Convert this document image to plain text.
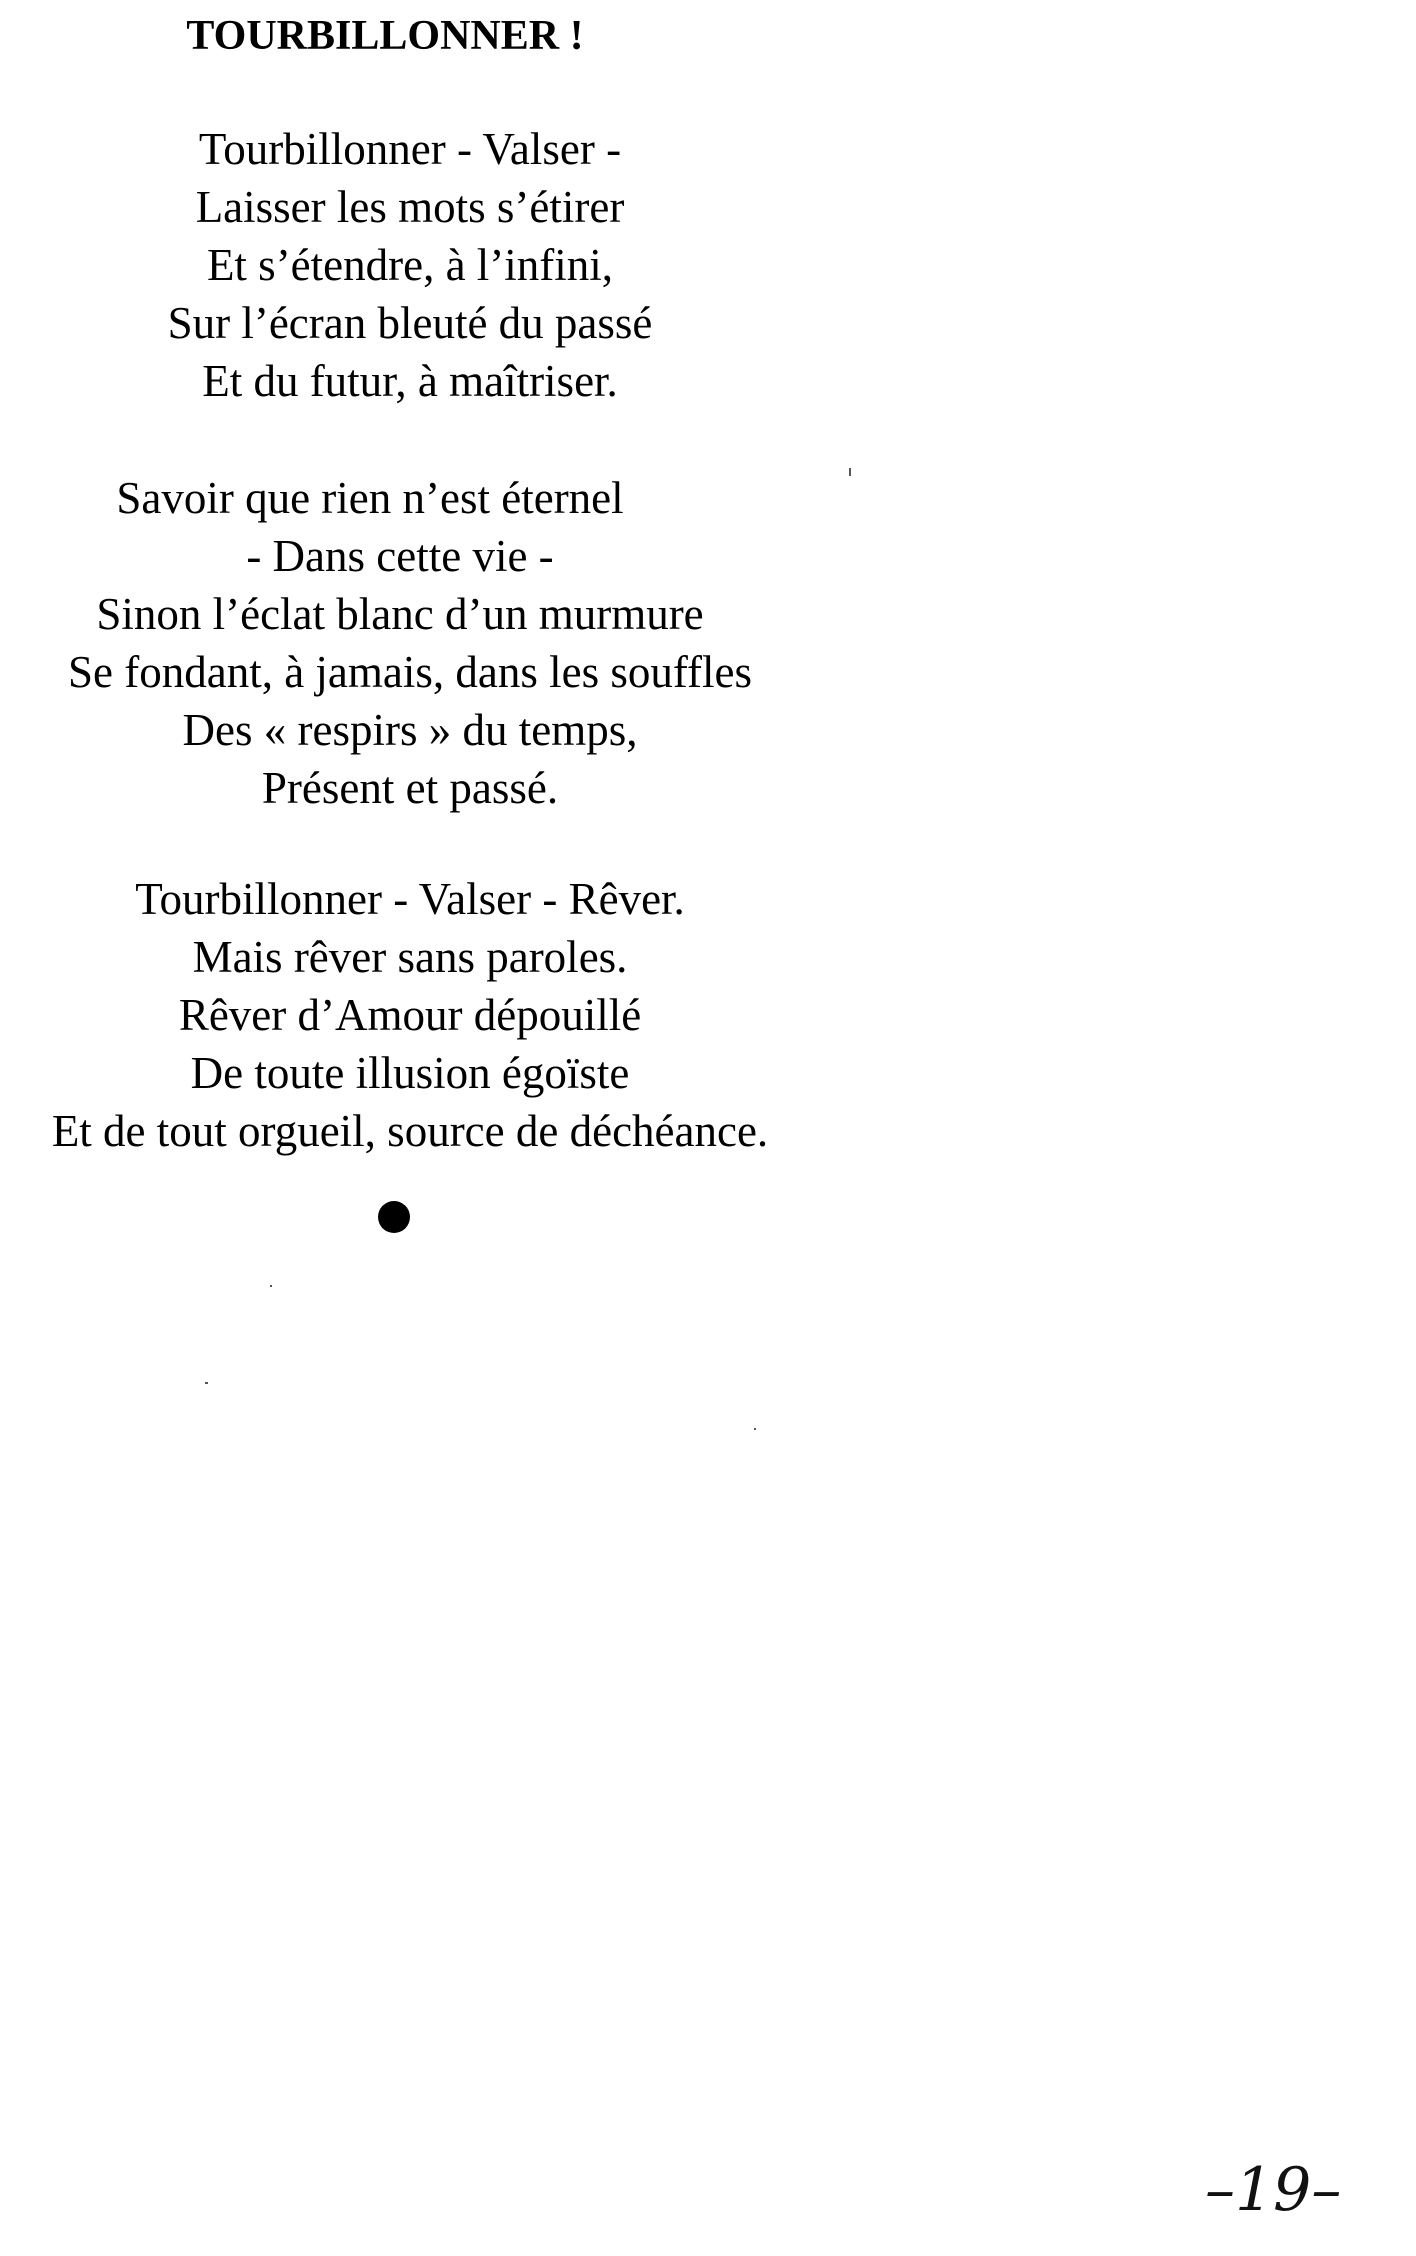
TOURBILLONNER !
Tourbillonner - Valser -
Laisser les mots s’étirer
Et s’étendre, à l’infini,
Sur l’écran bleuté du passé
Et du futur, à maîtriser.
Savoir que rien n’est éternel
- Dans cette vie -
Sinon l’éclat blanc d’un murmure
Se fondant, à jamais, dans les souffles
Des « respirs » du temps,
Présent et passé.
Tourbillonner - Valser - Rêver.
Mais rêver sans paroles.
Rêver d’Amour dépouillé
De toute illusion égoïste
Et de tout orgueil, source de déchéance.
–19–
